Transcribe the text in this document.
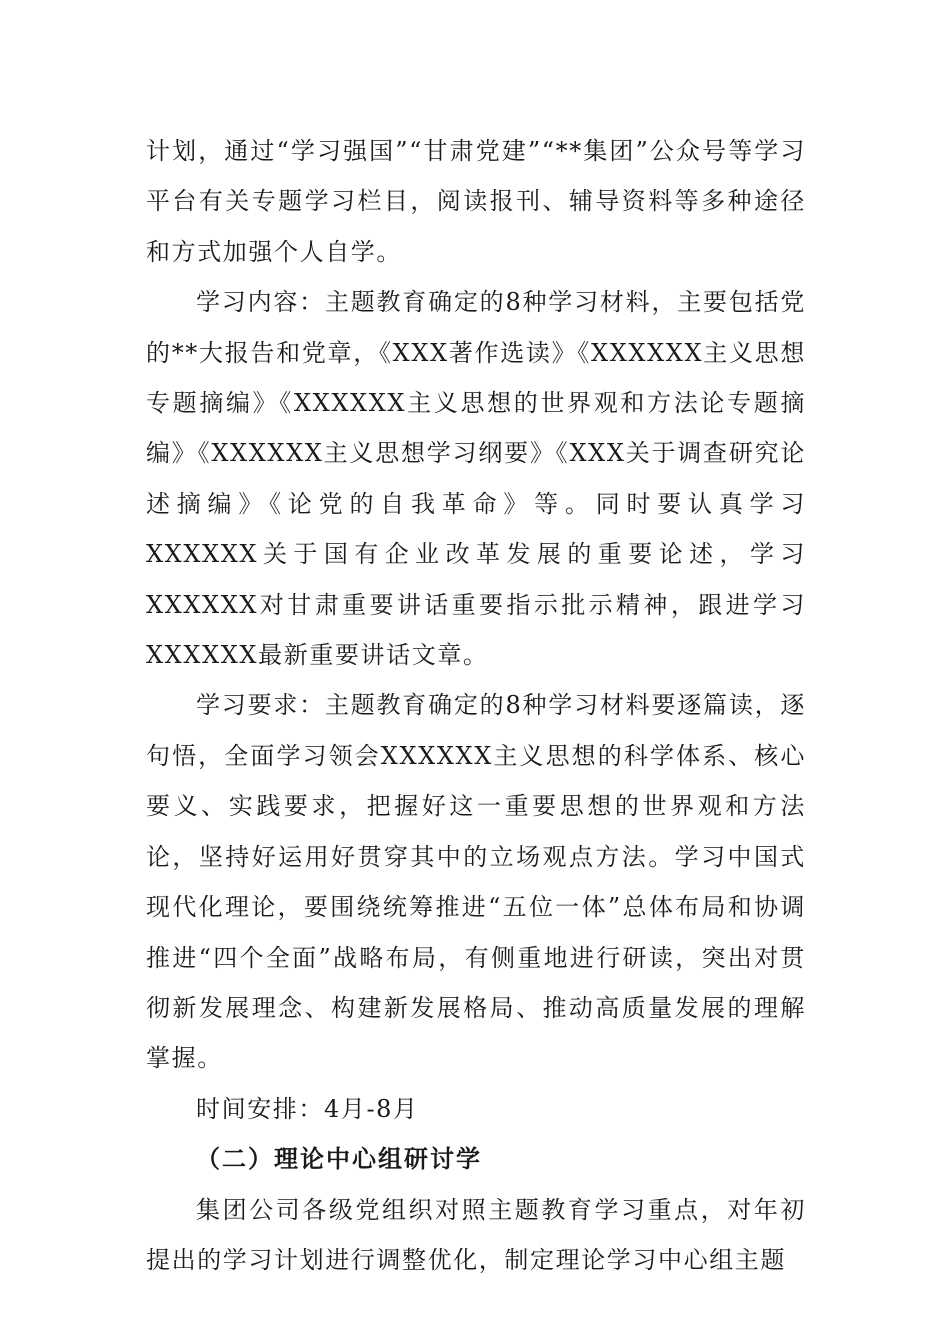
计划，通过“学习强国”“甘肃党建”“**集团”公众号等学习平台有关专题学习栏目，阅读报刊、辅导资料等多种途径和方式加强个人自学。

学习内容：主题教育确定的8种学习材料，主要包括党的**大报告和党章，《XXX著作选读》《XXXXXX主义思想专题摘编》《XXXXXX主义思想的世界观和方法论专题摘编》《XXXXXX主义思想学习纲要》《XXX关于调查研究论述摘编》《论党的自我革命》等。同时要认真学习XXXXXX关于国有企业改革发展的重要论述，学习XXXXXX对甘肃重要讲话重要指示批示精神，跟进学习XXXXXX最新重要讲话文章。

学习要求：主题教育确定的8种学习材料要逐篇读，逐句悟，全面学习领会XXXXXX主义思想的科学体系、核心要义、实践要求，把握好这一重要思想的世界观和方法论，坚持好运用好贯穿其中的立场观点方法。学习中国式现代化理论，要围绕统筹推进“五位一体”总体布局和协调推进“四个全面”战略布局，有侧重地进行研读，突出对贯彻新发展理念、构建新发展格局、推动高质量发展的理解掌握。

时间安排：4月-8月

（二）理论中心组研讨学

集团公司各级党组织对照主题教育学习重点，对年初提出的学习计划进行调整优化，制定理论学习中心组主题
